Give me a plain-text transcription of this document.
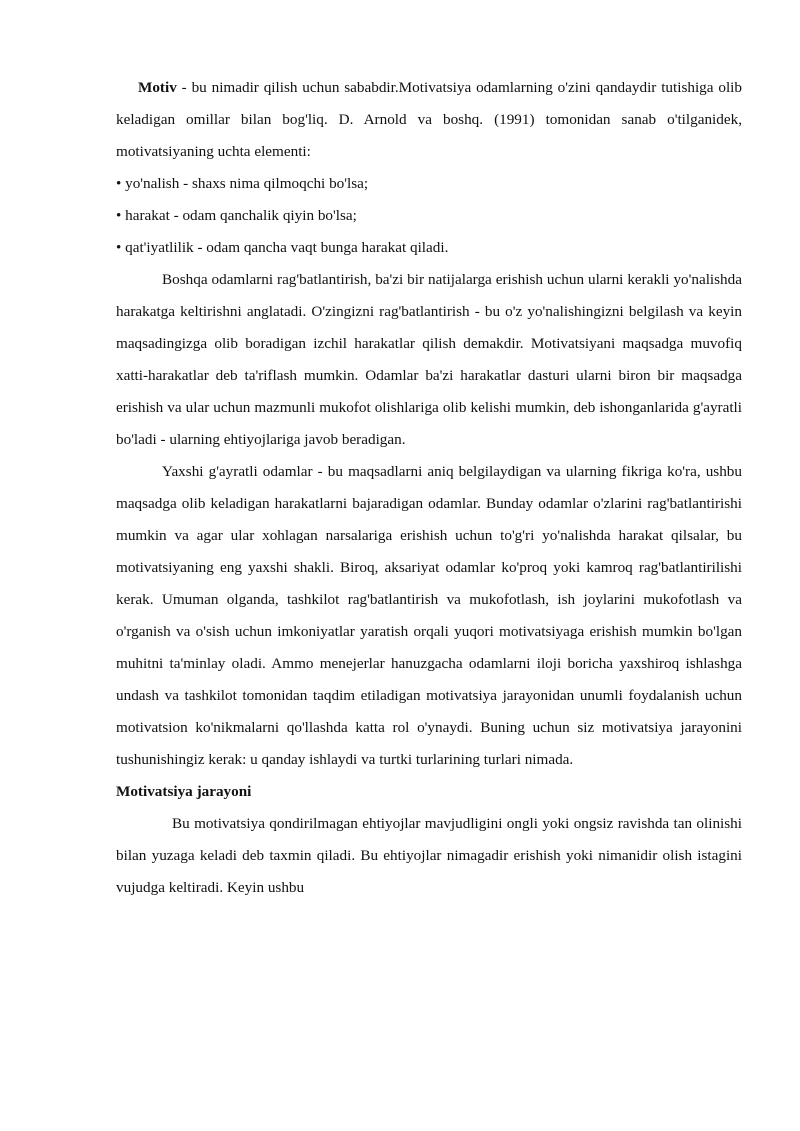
Motiv - bu nimadir qilish uchun sababdir.Motivatsiya odamlarning o'zini qandaydir tutishiga olib keladigan omillar bilan bog'liq. D. Arnold va boshq. (1991) tomonidan sanab o'tilganidek, motivatsiyaning uchta elementi:

• yo'nalish - shaxs nima qilmoqchi bo'lsa;

• harakat - odam qanchalik qiyin bo'lsa;

• qat'iyatlilik - odam qancha vaqt bunga harakat qiladi.

Boshqa odamlarni rag'batlantirish, ba'zi bir natijalarga erishish uchun ularni kerakli yo'nalishda harakatga keltirishni anglatadi. O'zingizni rag'batlantirish - bu o'z yo'nalishingizni belgilash va keyin maqsadingizga olib boradigan izchil harakatlar qilish demakdir. Motivatsiyani maqsadga muvofiq xatti-harakatlar deb ta'riflash mumkin. Odamlar ba'zi harakatlar dasturi ularni biron bir maqsadga erishish va ular uchun mazmunli mukofot olishlariga olib kelishi mumkin, deb ishonganlarida g'ayratli bo'ladi - ularning ehtiyojlariga javob beradigan.

Yaxshi g'ayratli odamlar - bu maqsadlarni aniq belgilaydigan va ularning fikriga ko'ra, ushbu maqsadga olib keladigan harakatlarni bajaradigan odamlar. Bunday odamlar o'zlarini rag'batlantirishi mumkin va agar ular xohlagan narsalariga erishish uchun to'g'ri yo'nalishda harakat qilsalar, bu motivatsiyaning eng yaxshi shakli. Biroq, aksariyat odamlar ko'proq yoki kamroq rag'batlantirilishi kerak. Umuman olganda, tashkilot rag'batlantirish va mukofotlash, ish joylarini mukofotlash va o'rganish va o'sish uchun imkoniyatlar yaratish orqali yuqori motivatsiyaga erishish mumkin bo'lgan muhitni ta'minlay oladi. Ammo menejerlar hanuzgacha odamlarni iloji boricha yaxshiroq ishlashga undash va tashkilot tomonidan taqdim etiladigan motivatsiya jarayonidan unumli foydalanish uchun motivatsion ko'nikmalarni qo'llashda katta rol o'ynaydi. Buning uchun siz motivatsiya jarayonini tushunishingiz kerak: u qanday ishlaydi va turtki turlarining turlari nimada.

Motivatsiya jarayoni

Bu motivatsiya qondirilmagan ehtiyojlar mavjudligini ongli yoki ongsiz ravishda tan olinishi bilan yuzaga keladi deb taxmin qiladi. Bu ehtiyojlar nimagadir erishish yoki nimanidir olish istagini vujudga keltiradi. Keyin ushbu
